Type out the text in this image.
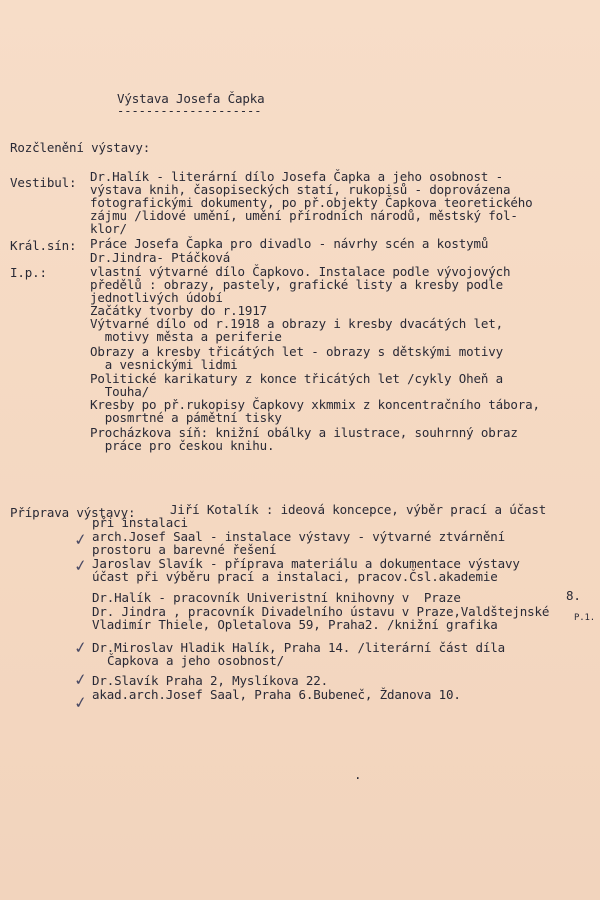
Výstava Josefa Čapka
--------------------
Rozčlenění výstavy:
Vestibul: Dr.Halík - literární dílo Josefa Čapka a jeho osobnost -
výstava knih, časopiseckých statí, rukopisů - doprovázena
fotografickými dokumenty, po př.objekty Čapkova teoretického
zájmu /lidové umění, umění přírodních národů, městský fol-
klor/
Král.sín: Práce Josefa Čapka pro divadlo - návrhy scén a kostymů
Dr.Jindra- Ptáčková
I.p.:	vlastní výtvarné dílo Čapkovo. Instalace podle vývojových
předělů : obrazy, pastely, grafické listy a kresby podle
jednotlivých údobí
Začátky tvorby do r.1917
Výtvarné dílo od r.1918 a obrazy i kresby dvacátých let,
motivy města a periferie
Obrazy a kresby třicátých let - obrazy s dětskými motivy
a vesnickými lidmi
Politické karikatury z konce třicátých let /cykly Oheň a
Touha/
Kresby po př.rukopisy Čapkovy xkmmix z koncentračního tábora,
posmrtné a pámětní tisky
Procházkova síň: knižní obálky a ilustrace, souhrnný obraz
práce pro českou knihu.
Příprava výstavy:	Jiří Kotalík : ideová koncepce, výběr prací a účast
při instalaci
arch.Josef Saal - instalace výstavy - výtvarné ztvárnění
prostoru a barevné řešení
Jaroslav Slavík - příprava materiálu a dokumentace výstavy
účast při výběru prací a instalaci, pracov.Čsl.akademie
Dr.Halík - pracovník Univeristní knihovny v  Praze	8.
Dr. Jindra , pracovník Divadelního ústavu v Praze,Valdštejnské	P.1.
Vladimír Thiele, Opletalova 59, Praha2. /knižní grafika
Dr.Miroslav Hladik Halík, Praha 14. /literární část díla
Čapkova a jeho osobnost/
Dr.Slavík Praha 2, Myslíkova 22.
akad.arch.Josef Saal, Praha 6.Bubeneč, Ždanova 10.
.
✓
✓
✓
✓
✓
